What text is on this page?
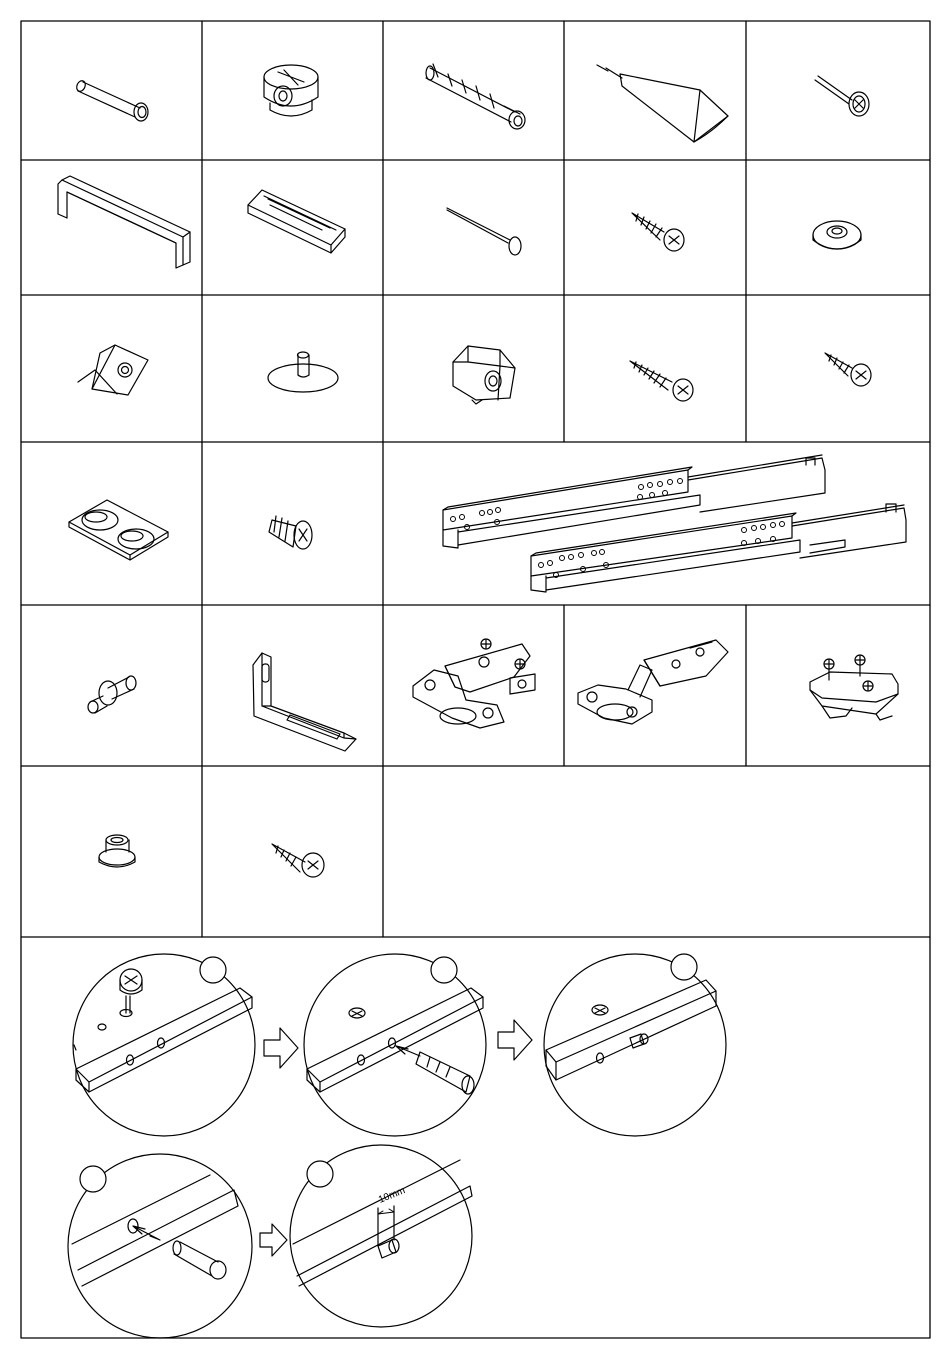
10mm
